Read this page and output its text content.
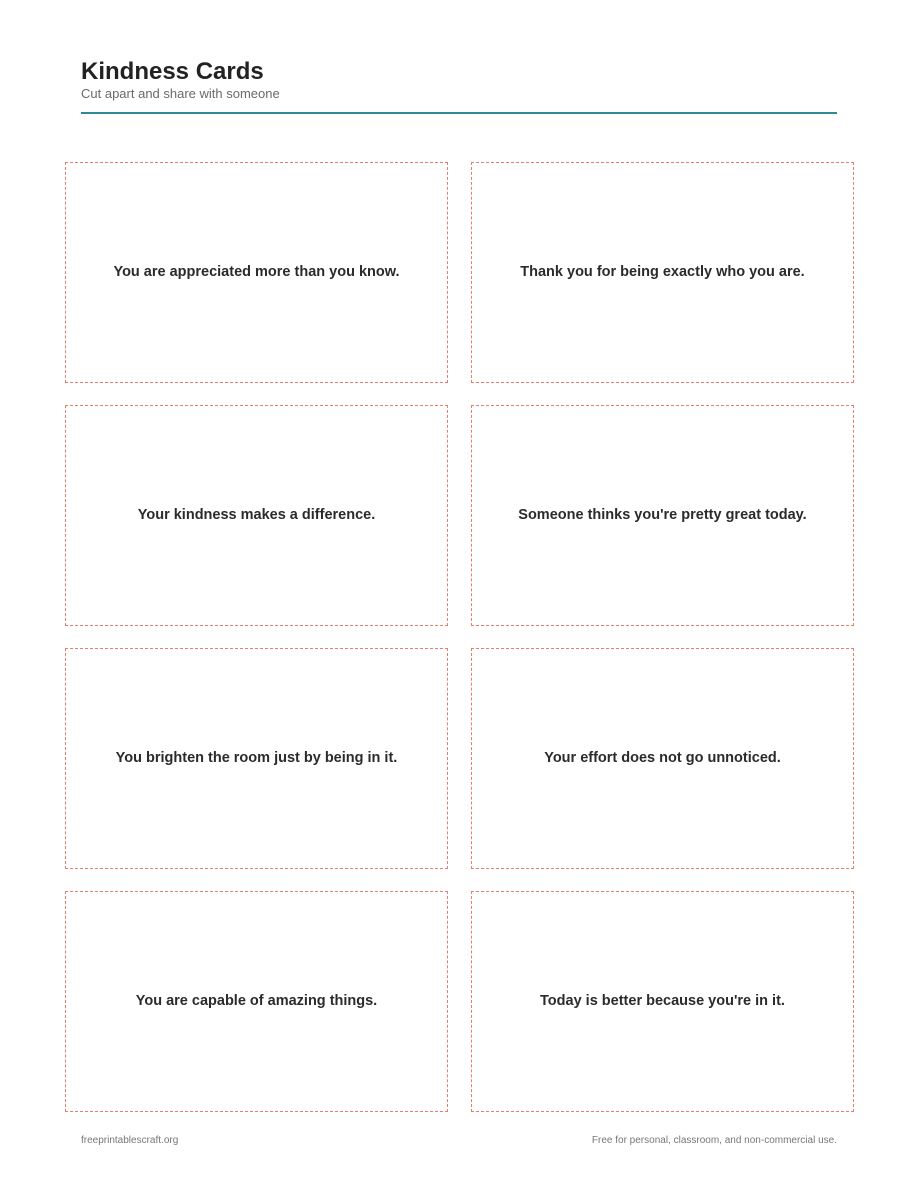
Kindness Cards

Cut apart and share with someone

You are appreciated more than you know.	Thank you for being exactly who you are.
Your kindness makes a difference.	Someone thinks you're pretty great today.
You brighten the room just by being in it.	Your effort does not go unnoticed.
You are capable of amazing things.	Today is better because you're in it.
freeprintablescraft.org	Free for personal, classroom, and non-commercial use.
